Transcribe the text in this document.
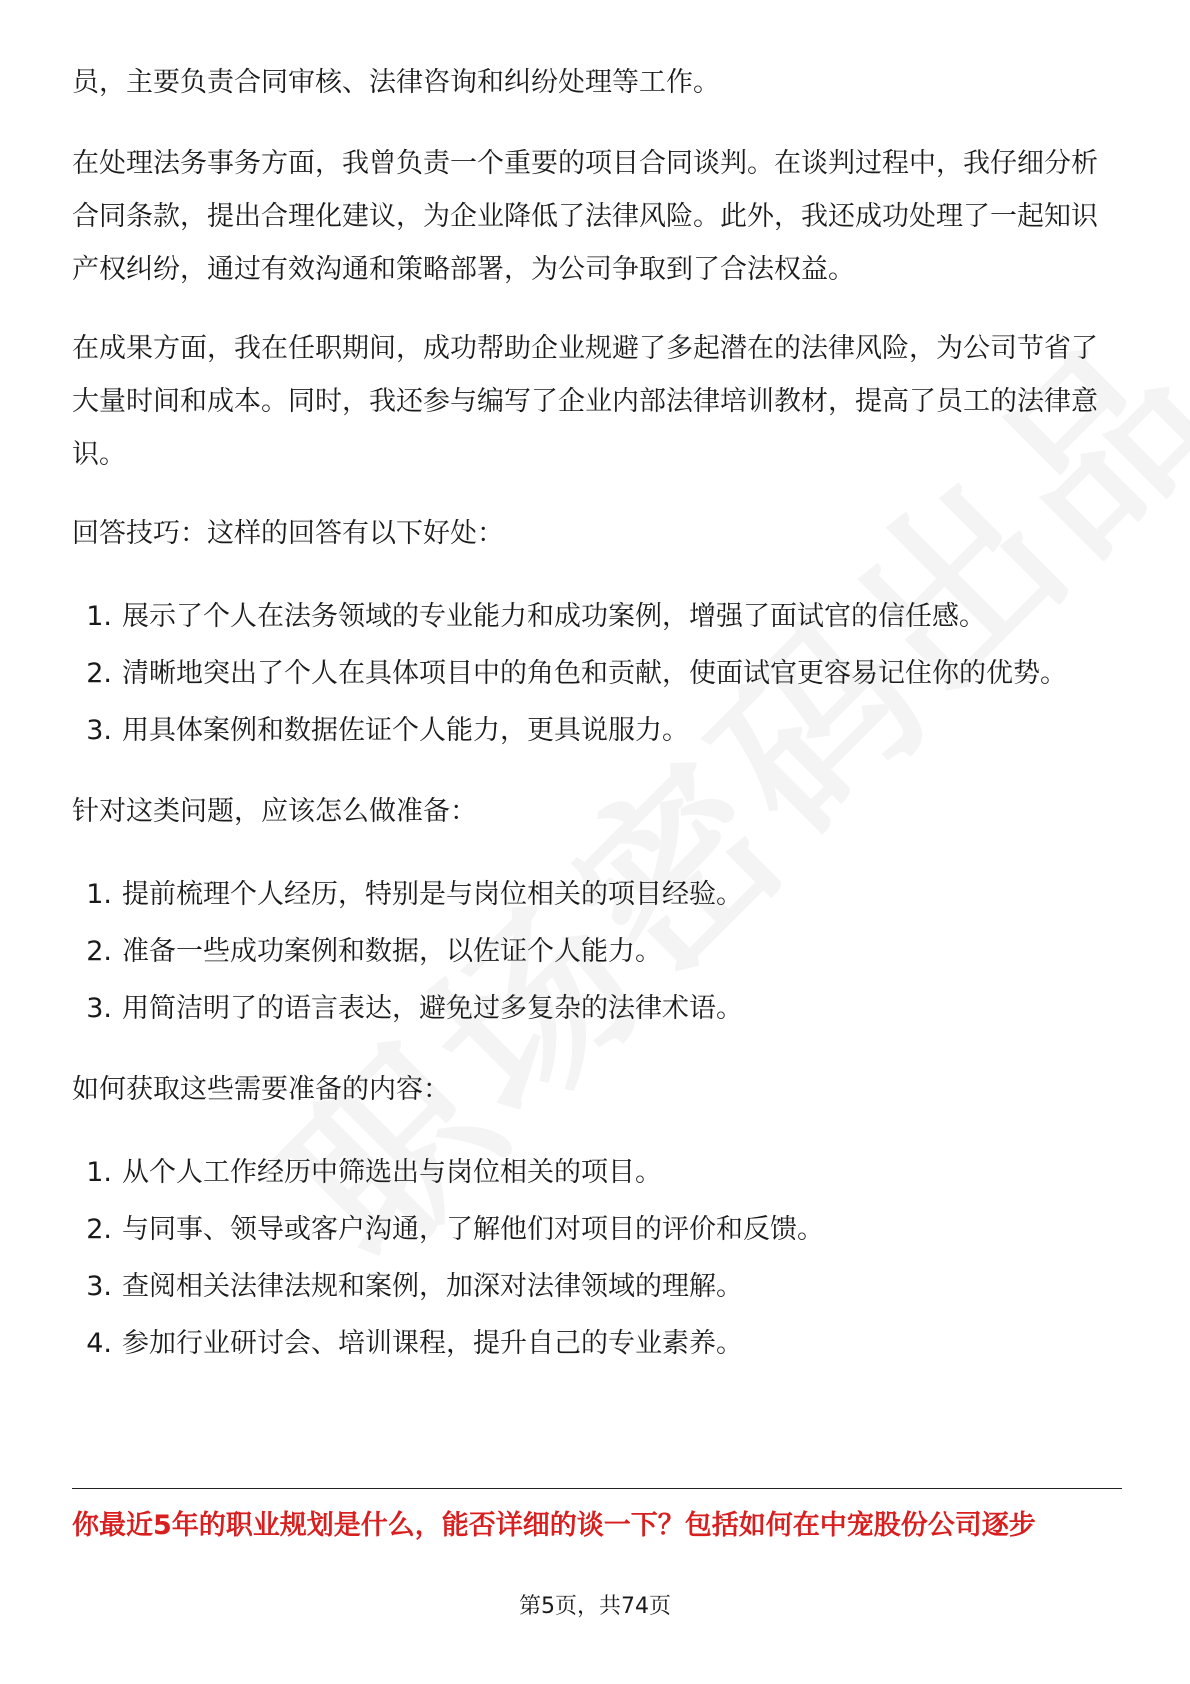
员，主要负责合同审核、法律咨询和纠纷处理等工作。

在处理法务事务方面，我曾负责一个重要的项目合同谈判。在谈判过程中，我仔细分析合同条款，提出合理化建议，为企业降低了法律风险。此外，我还成功处理了一起知识产权纠纷，通过有效沟通和策略部署，为公司争取到了合法权益。

在成果方面，我在任职期间，成功帮助企业规避了多起潜在的法律风险，为公司节省了大量时间和成本。同时，我还参与编写了企业内部法律培训教材，提高了员工的法律意识。

回答技巧：这样的回答有以下好处：

1. 展示了个人在法务领域的专业能力和成功案例，增强了面试官的信任感。
2. 清晰地突出了个人在具体项目中的角色和贡献，使面试官更容易记住你的优势。
3. 用具体案例和数据佐证个人能力，更具说服力。

针对这类问题，应该怎么做准备：

1. 提前梳理个人经历，特别是与岗位相关的项目经验。
2. 准备一些成功案例和数据，以佐证个人能力。
3. 用简洁明了的语言表达，避免过多复杂的法律术语。

如何获取这些需要准备的内容：

1. 从个人工作经历中筛选出与岗位相关的项目。
2. 与同事、领导或客户沟通，了解他们对项目的评价和反馈。
3. 查阅相关法律法规和案例，加深对法律领域的理解。
4. 参加行业研讨会、培训课程，提升自己的专业素养。
你最近5年的职业规划是什么，能否详细的谈一下？包括如何在中宠股份公司逐步
第5页，共74页
